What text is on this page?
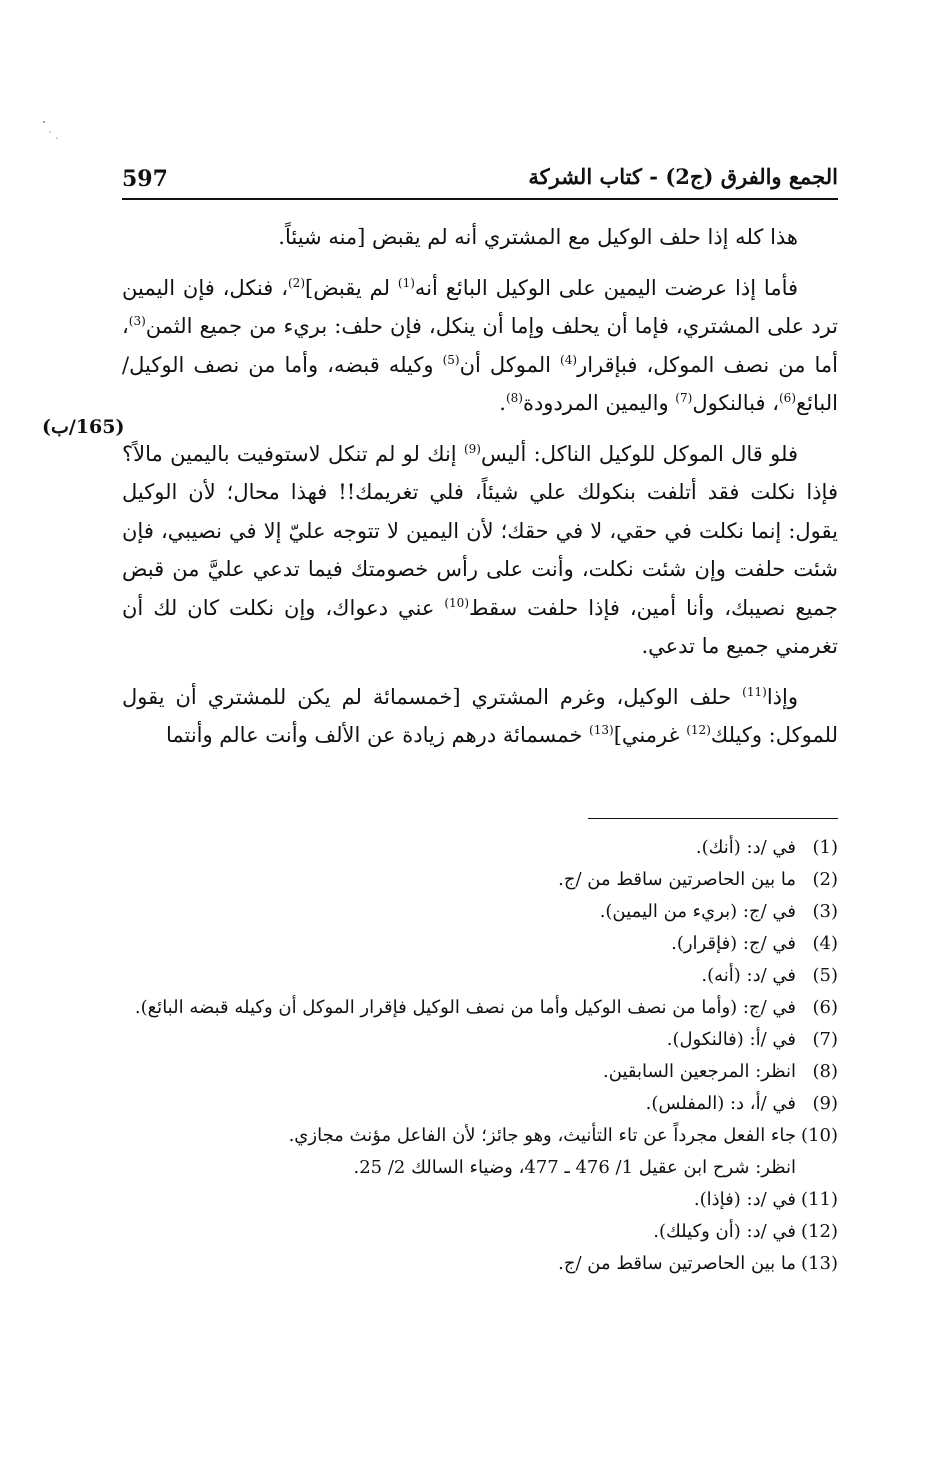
597	الجمع والفرق (ج2) - كتاب الشركة
(165/ب)

هذا كله إذا حلف الوكيل مع المشتري أنه لم يقبض [منه شيئاً.

فأما إذا عرضت اليمين على الوكيل البائع أنه$^{(1)}$ لم يقبض]$^{(2)}$، فنكل، فإن اليمين ترد على المشتري، فإما أن يحلف وإما أن ينكل، فإن حلف: بريء من جميع الثمن$^{(3)}$، أما من نصف الموكل، فبإقرار$^{(4)}$ الموكل أن$^{(5)}$ وكيله قبضه، وأما من نصف الوكيل/ البائع$^{(6)}$، فبالنكول$^{(7)}$ واليمين المردودة$^{(8)}$.

فلو قال الموكل للوكيل الناكل: أليس$^{(9)}$ إنك لو لم تنكل لاستوفيت باليمين مالاً؟ فإذا نكلت فقد أتلفت بنكولك علي شيئاً، فلي تغريمك!! فهذا محال؛ لأن الوكيل يقول: إنما نكلت في حقي، لا في حقك؛ لأن اليمين لا تتوجه عليّ إلا في نصيبي، فإن شئت حلفت وإن شئت نكلت، وأنت على رأس خصومتك فيما تدعي عليَّ من قبض جميع نصيبك، وأنا أمين، فإذا حلفت سقط$^{(10)}$ عني دعواك، وإن نكلت كان لك أن تغرمني جميع ما تدعي.

وإذا$^{(11)}$ حلف الوكيل، وغرم المشتري [خمسمائة لم يكن للمشتري أن يقول للموكل: وكيلك$^{(12)}$ غرمني]$^{(13)}$ خمسمائة درهم زيادة عن الألف وأنت عالم وأنتما

(1)
في /د: (أنك).
(2)
ما بين الحاصرتين ساقط من /ج.
(3)
في /ج: (بريء من اليمين).
(4)
في /ج: (فإقرار).
(5)
في /د: (أنه).
(6)
في /ج: (وأما من نصف الوكيل وأما من نصف الوكيل فإقرار الموكل أن وكيله قبضه البائع).
(7)
في /أ: (فالنكول).
(8)
انظر: المرجعين السابقين.
(9)
في /أ، د: (المفلس).
(10)
جاء الفعل مجرداً عن تاء التأنيث، وهو جائز؛ لأن الفاعل مؤنث مجازي.
انظر: شرح ابن عقيل 1/ 476 ـ 477، وضياء السالك 2/ 25.
(11)
في /د: (فإذا).
(12)
في /د: (أن وكيلك).
(13)
ما بين الحاصرتين ساقط من /ج.
